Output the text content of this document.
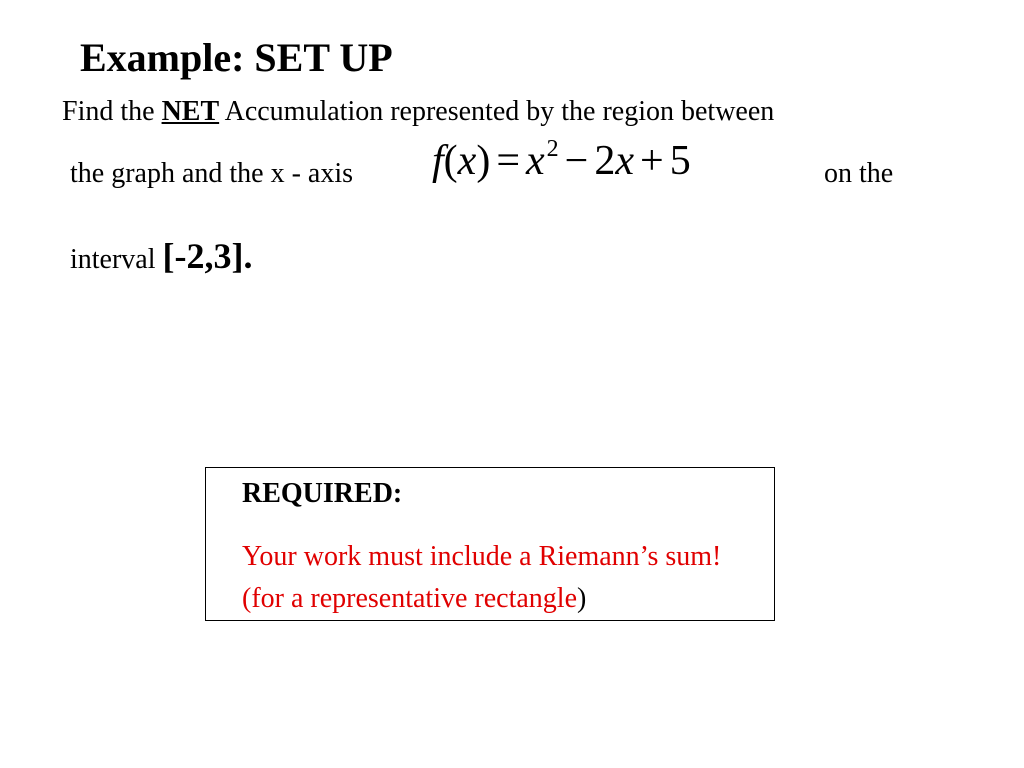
Example: SET UP
Find the NET Accumulation represented by the region between
the graph and the x - axis $f(x) = x^2 - 2x + 5$	on the
interval [-2,3].
REQUIRED:
Your work must include a Riemann’s sum! (for a representative rectangle)
